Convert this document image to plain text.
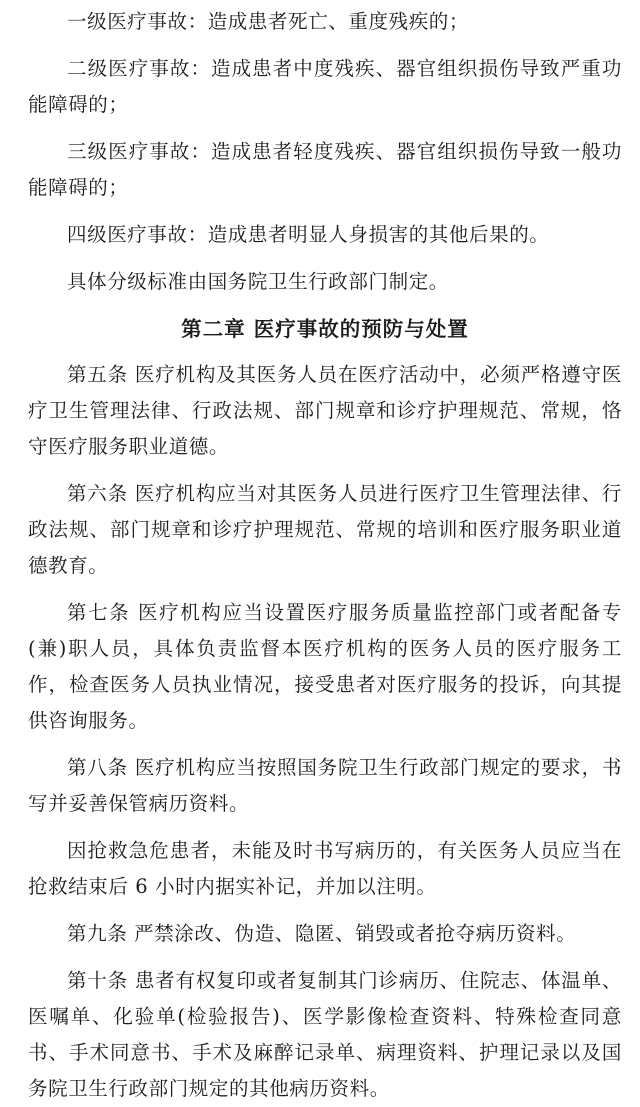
一级医疗事故：造成患者死亡、重度残疾的；

二级医疗事故：造成患者中度残疾、器官组织损伤导致严重功能障碍的；

三级医疗事故：造成患者轻度残疾、器官组织损伤导致一般功能障碍的；

四级医疗事故：造成患者明显人身损害的其他后果的。

具体分级标准由国务院卫生行政部门制定。

第二章 医疗事故的预防与处置

第五条 医疗机构及其医务人员在医疗活动中，必须严格遵守医疗卫生管理法律、行政法规、部门规章和诊疗护理规范、常规，恪守医疗服务职业道德。

第六条 医疗机构应当对其医务人员进行医疗卫生管理法律、行政法规、部门规章和诊疗护理规范、常规的培训和医疗服务职业道德教育。

第七条 医疗机构应当设置医疗服务质量监控部门或者配备专(兼)职人员，具体负责监督本医疗机构的医务人员的医疗服务工作，检查医务人员执业情况，接受患者对医疗服务的投诉，向其提供咨询服务。

第八条 医疗机构应当按照国务院卫生行政部门规定的要求，书写并妥善保管病历资料。

因抢救急危患者，未能及时书写病历的，有关医务人员应当在抢救结束后 6 小时内据实补记，并加以注明。

第九条 严禁涂改、伪造、隐匿、销毁或者抢夺病历资料。

第十条 患者有权复印或者复制其门诊病历、住院志、体温单、医嘱单、化验单(检验报告)、医学影像检查资料、特殊检查同意书、手术同意书、手术及麻醉记录单、病理资料、护理记录以及国务院卫生行政部门规定的其他病历资料。
